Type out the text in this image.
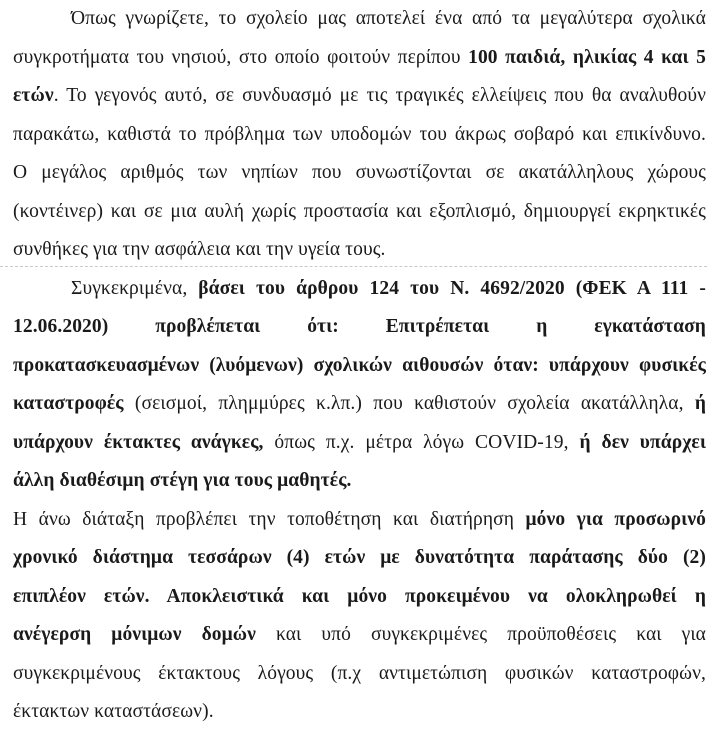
Όπως γνωρίζετε, το σχολείο μας αποτελεί ένα από τα μεγαλύτερα σχολικά
συγκροτήματα του νησιού, στο οποίο φοιτούν περίπου 100 παιδιά, ηλικίας 4 και 5
ετών. Το γεγονός αυτό, σε συνδυασμό με τις τραγικές ελλείψεις που θα αναλυθούν
παρακάτω, καθιστά το πρόβλημα των υποδομών του άκρως σοβαρό και επικίνδυνο.
Ο μεγάλος αριθμός των νηπίων που συνωστίζονται σε ακατάλληλους χώρους
(κοντέινερ) και σε μια αυλή χωρίς προστασία και εξοπλισμό, δημιουργεί εκρηκτικές
συνθήκες για την ασφάλεια και την υγεία τους.
Συγκεκριμένα, βάσει του άρθρου 124 του Ν. 4692/2020 (ΦΕΚ Α 111 -
12.06.2020) προβλέπεται ότι: Επιτρέπεται η εγκατάσταση
προκατασκευασμένων (λυόμενων) σχολικών αιθουσών όταν: υπάρχουν φυσικές
καταστροφές (σεισμοί, πλημμύρες κ.λπ.) που καθιστούν σχολεία ακατάλληλα, ή
υπάρχουν έκτακτες ανάγκες, όπως π.χ. μέτρα λόγω COVID-19, ή δεν υπάρχει
άλλη διαθέσιμη στέγη για τους μαθητές.
Η άνω διάταξη προβλέπει την τοποθέτηση και διατήρηση μόνο για προσωρινό
χρονικό διάστημα τεσσάρων (4) ετών με δυνατότητα παράτασης δύο (2)
επιπλέον ετών. Αποκλειστικά και μόνο προκειμένου να ολοκληρωθεί η
ανέγερση μόνιμων δομών και υπό συγκεκριμένες προϋποθέσεις και για
συγκεκριμένους έκτακτους λόγους (π.χ αντιμετώπιση φυσικών καταστροφών,
έκτακτων καταστάσεων).
